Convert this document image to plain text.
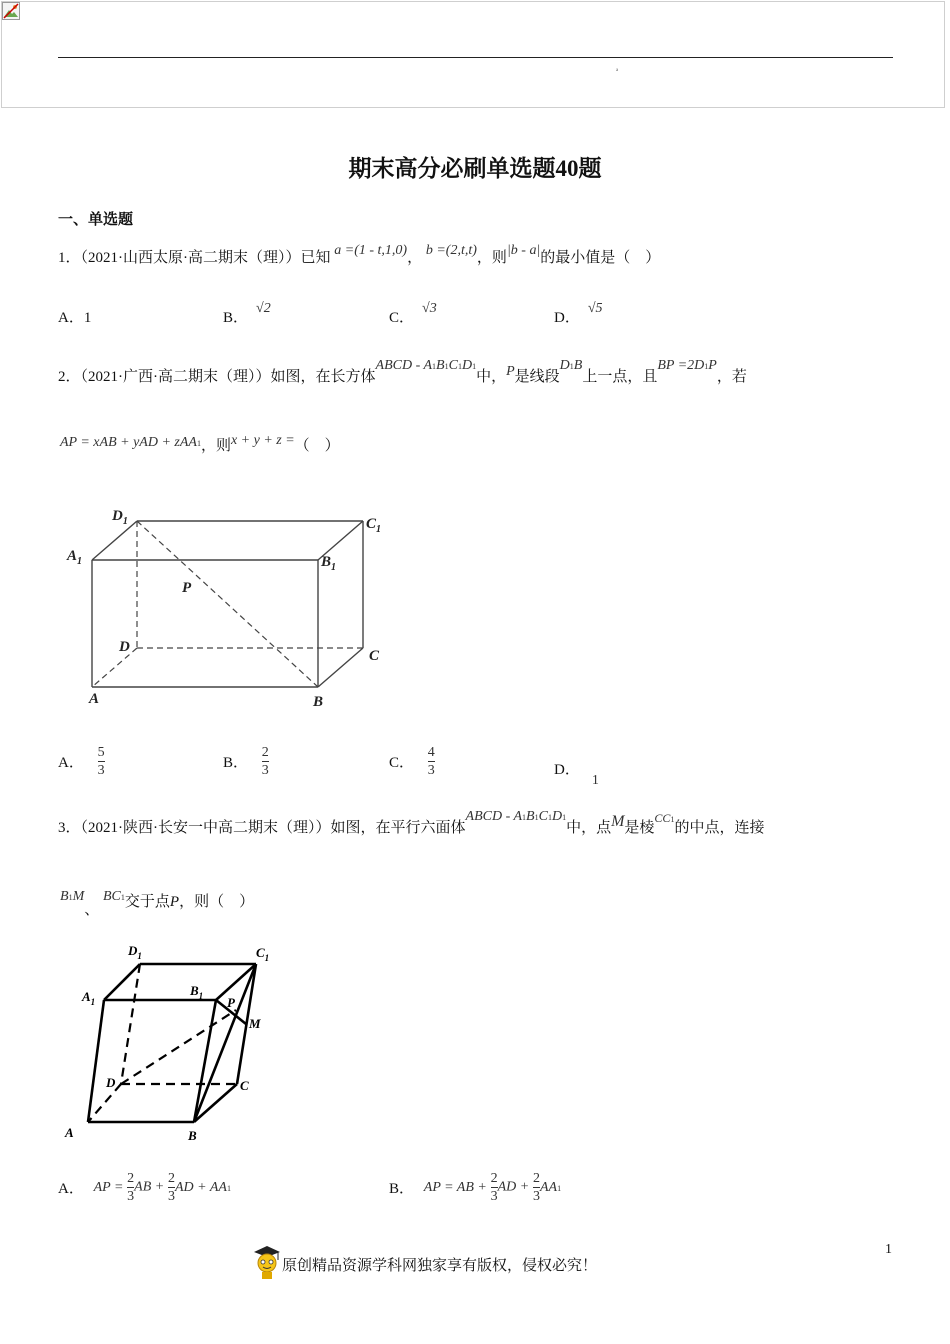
ᵃ
期末高分必刷单选题40题
一、单选题
1．（2021·山西太原·高二期末（理））已知 a =(1 - t,1,0)， b =(2,t,t)，则|b - a|的最小值是（　）
A．1	B．√2
C．√3
D．√5
2．（2021·广西·高二期末（理））如图，在长方体ABCD - A1B1C1D1中，P是线段D1B上一点，且BP =2D1P，若
AP = xAB + yAD + zAA1，则x + y + z =（　）
$D_1$	$C_1$
$A_1$	$B_1$
P
D
C
A	B
A． $\frac{5}{3}$	B． $\frac{2}{3}$	C． $\frac{4}{3}$	D．1
3．（2021·陕西·长安一中高二期末（理））如图，在平行六面体ABCD - A1B1C1D1中，点M是棱$^{CC1}$的中点，连接
B1M、 BC1交于点P，则（　）
$D_1$	$C_1$
$A_1$
$B_1$ P
M
D	C
A	B
A． AP = $\frac{2}{3}$ AB + $\frac{2}{3}$ AD + AA1	B． AP = AB + $\frac{2}{3}$ AD + $\frac{2}{3} AA1$
1
原创精品资源学科网独家享有版权，侵权必究！
